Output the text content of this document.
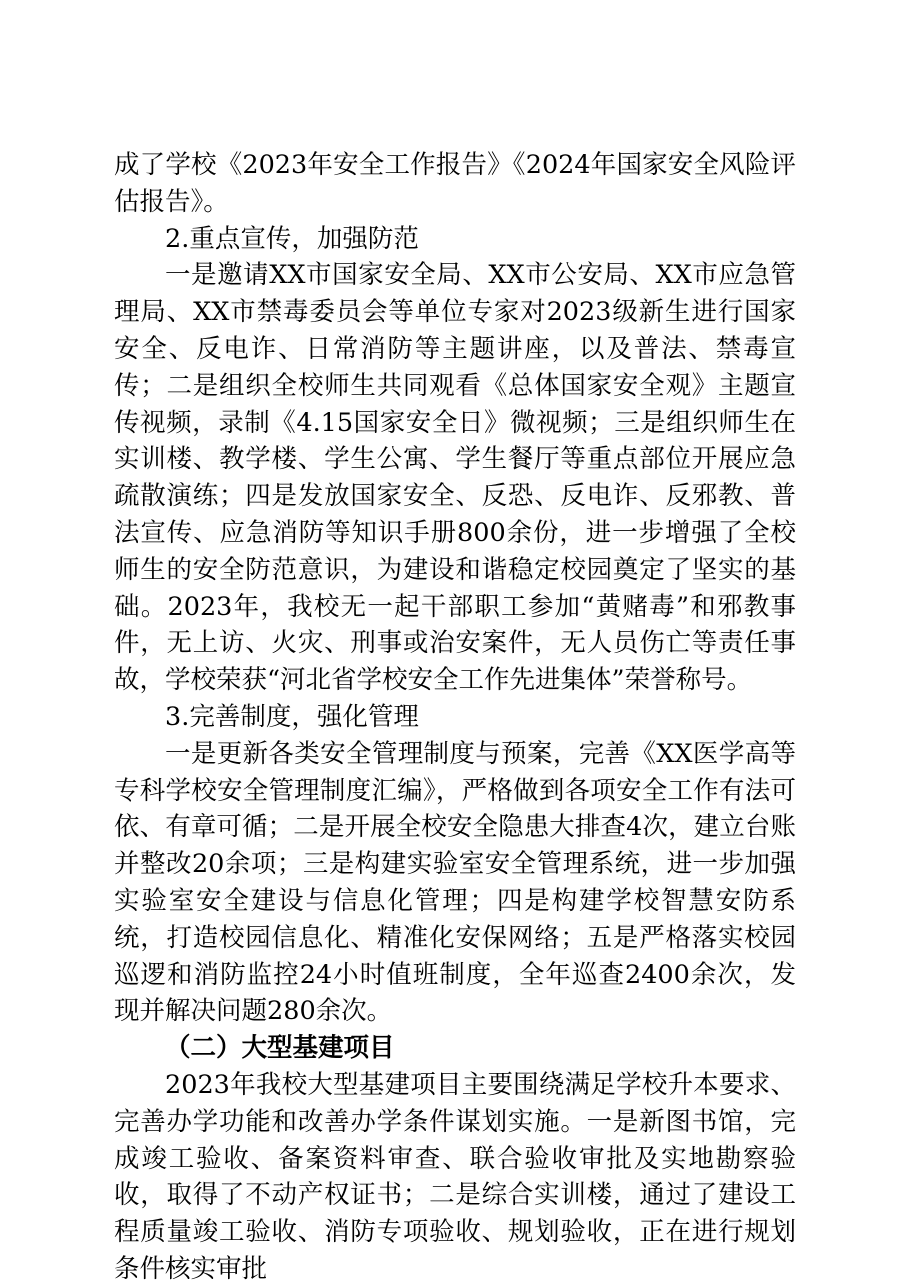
成了学校《2023年安全工作报告》《2024年国家安全风险评估报告》。

2.重点宣传，加强防范

一是邀请XX市国家安全局、XX市公安局、XX市应急管理局、XX市禁毒委员会等单位专家对2023级新生进行国家安全、反电诈、日常消防等主题讲座，以及普法、禁毒宣传；二是组织全校师生共同观看《总体国家安全观》主题宣传视频，录制《4.15国家安全日》微视频；三是组织师生在实训楼、教学楼、学生公寓、学生餐厅等重点部位开展应急疏散演练；四是发放国家安全、反恐、反电诈、反邪教、普法宣传、应急消防等知识手册800余份，进一步增强了全校师生的安全防范意识，为建设和谐稳定校园奠定了坚实的基础。2023年，我校无一起干部职工参加“黄赌毒”和邪教事件，无上访、火灾、刑事或治安案件，无人员伤亡等责任事故，学校荣获“河北省学校安全工作先进集体”荣誉称号。

3.完善制度，强化管理

一是更新各类安全管理制度与预案，完善《XX医学高等专科学校安全管理制度汇编》，严格做到各项安全工作有法可依、有章可循；二是开展全校安全隐患大排查4次，建立台账并整改20余项；三是构建实验室安全管理系统，进一步加强实验室安全建设与信息化管理；四是构建学校智慧安防系统，打造校园信息化、精准化安保网络；五是严格落实校园巡逻和消防监控24小时值班制度，全年巡查2400余次，发现并解决问题280余次。

（二）大型基建项目

2023年我校大型基建项目主要围绕满足学校升本要求、完善办学功能和改善办学条件谋划实施。一是新图书馆，完成竣工验收、备案资料审查、联合验收审批及实地勘察验收，取得了不动产权证书；二是综合实训楼，通过了建设工程质量竣工验收、消防专项验收、规划验收，正在进行规划条件核实审批
